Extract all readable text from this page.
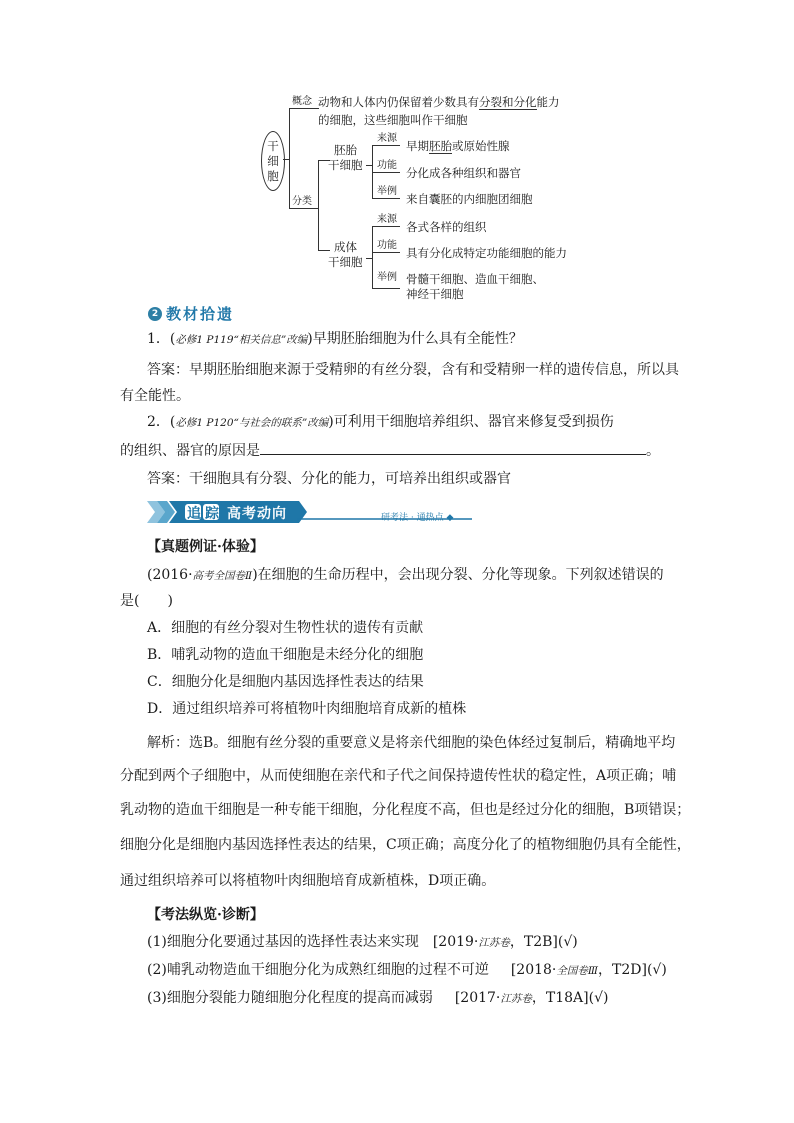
干
细
胞
概念 动物和人体内仍保留着少数具有分裂和分化能力
的细胞，这些细胞叫作干细胞
分类
胚胎
干细胞
成体
干细胞
来源
功能
举例
早期胚胎或原始性腺
分化成各种组织和器官
来自囊胚的内细胞团细胞
来源
功能
举例
各式各样的组织
具有分化成特定功能细胞的能力
骨髓干细胞、造血干细胞、
神经干细胞
2 教材拾遗
1．(必修1 P119“相关信息”改编)早期胚胎细胞为什么具有全能性？
答案：早期胚胎细胞来源于受精卵的有丝分裂，含有和受精卵一样的遗传信息，所以具
有全能性。
2．(必修1 P120“与社会的联系”改编)可利用干细胞培养组织、器官来修复受到损伤
的组织、器官的原因是	。
答案：干细胞具有分裂、分化的能力，可培养出组织或器官
追 踪 高考动向	研考法 · 通热点 ◆
【真题例证·体验】
(2016·高考全国卷Ⅱ)在细胞的生命历程中，会出现分裂、分化等现象。下列叙述错误的
是(　　)
A．细胞的有丝分裂对生物性状的遗传有贡献
B．哺乳动物的造血干细胞是未经分化的细胞
C．细胞分化是细胞内基因选择性表达的结果
D．通过组织培养可将植物叶肉细胞培育成新的植株
解析：选B。细胞有丝分裂的重要意义是将亲代细胞的染色体经过复制后，精确地平均
分配到两个子细胞中，从而使细胞在亲代和子代之间保持遗传性状的稳定性，A项正确；哺
乳动物的造血干细胞是一种专能干细胞，分化程度不高，但也是经过分化的细胞，B项错误；
细胞分化是细胞内基因选择性表达的结果，C项正确；高度分化了的植物细胞仍具有全能性，
通过组织培养可以将植物叶肉细胞培育成新植株，D项正确。
【考法纵览·诊断】
(1)细胞分化要通过基因的选择性表达来实现 [2019·江苏卷，T2B](√)
(2)哺乳动物造血干细胞分化为成熟红细胞的过程不可逆 [2018·全国卷Ⅲ，T2D](√)
(3)细胞分裂能力随细胞分化程度的提高而减弱 [2017·江苏卷，T18A](√)
